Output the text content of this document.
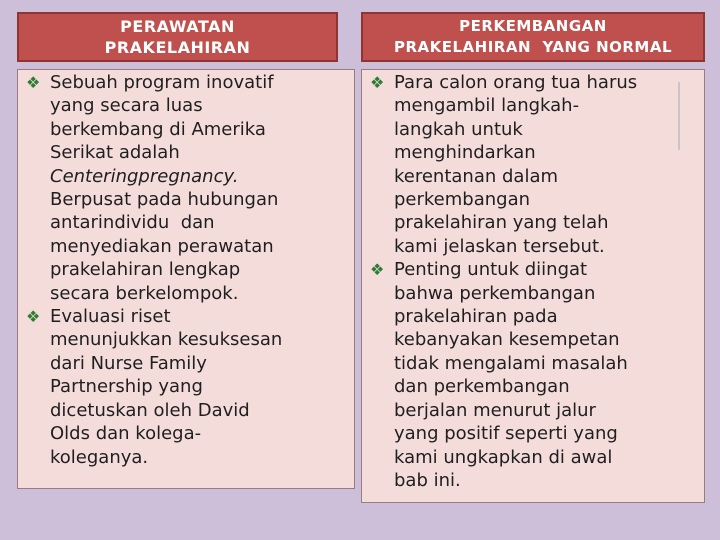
PERAWATAN
PRAKELAHIRAN
PERKEMBANGAN
PRAKELAHIRAN  YANG NORMAL
❖ Sebuah program inovatif
yang secara luas
berkembang di Amerika
Serikat adalah
Centeringpregnancy.
Berpusat pada hubungan
antarindividu  dan
menyediakan perawatan
prakelahiran lengkap
secara berkelompok.
❖ Evaluasi riset
menunjukkan kesuksesan
dari Nurse Family
Partnership yang
dicetuskan oleh David
Olds dan kolega-
koleganya.
❖ Para calon orang tua harus
mengambil langkah-
langkah untuk
menghindarkan
kerentanan dalam
perkembangan
prakelahiran yang telah
kami jelaskan tersebut.
❖ Penting untuk diingat
bahwa perkembangan
prakelahiran pada
kebanyakan kesempetan
tidak mengalami masalah
dan perkembangan
berjalan menurut jalur
yang positif seperti yang
kami ungkapkan di awal
bab ini.
